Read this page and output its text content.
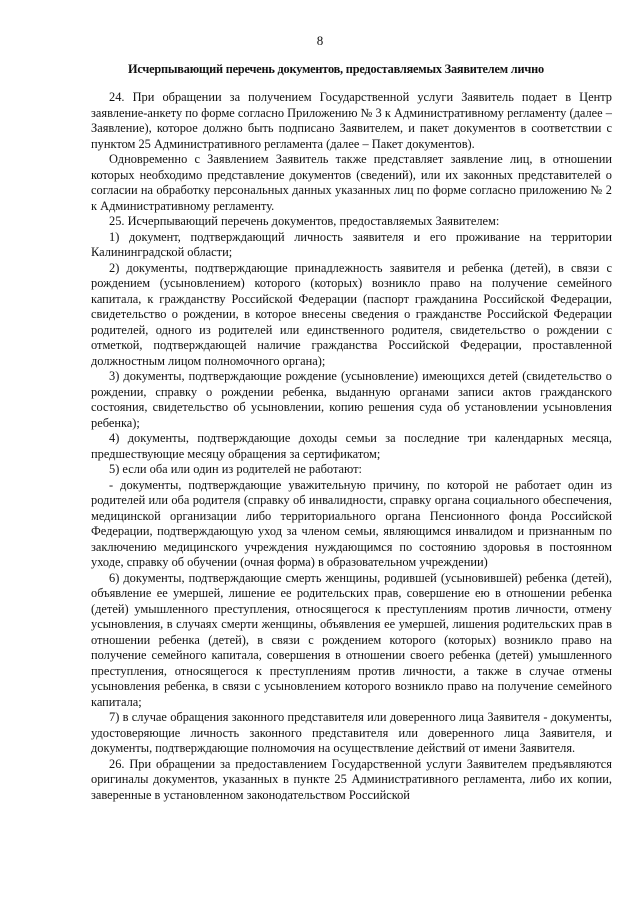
8
Исчерпывающий перечень документов, предоставляемых Заявителем лично

24. При обращении за получением Государственной услуги Заявитель подает в Центр заявление-анкету по форме согласно Приложению № 3 к Административному регламенту (далее – Заявление), которое должно быть подписано Заявителем, и пакет документов в соответствии с пунктом 25 Административного регламента (далее – Пакет документов).

Одновременно с Заявлением Заявитель также представляет заявление лиц, в отношении которых необходимо представление документов (сведений), или их законных представителей о согласии на обработку персональных данных указанных лиц по форме согласно приложению № 2 к Административному регламенту.

25. Исчерпывающий перечень документов, предоставляемых Заявителем:

1) документ, подтверждающий личность заявителя и его проживание на территории Калининградской области;

2) документы, подтверждающие принадлежность заявителя и ребенка (детей), в связи с рождением (усыновлением) которого (которых) возникло право на получение семейного капитала, к гражданству Российской Федерации (паспорт гражданина Российской Федерации, свидетельство о рождении, в которое внесены сведения о гражданстве Российской Федерации родителей, одного из родителей или единственного родителя, свидетельство о рождении с отметкой, подтверждающей наличие гражданства Российской Федерации, проставленной должностным лицом полномочного органа);

3) документы, подтверждающие рождение (усыновление) имеющихся детей (свидетельство о рождении, справку о рождении ребенка, выданную органами записи актов гражданского состояния, свидетельство об усыновлении, копию решения суда об установлении усыновления ребенка);

4) документы, подтверждающие доходы семьи за последние три календарных месяца, предшествующие месяцу обращения за сертификатом;

5) если оба или один из родителей не работают:

- документы, подтверждающие уважительную причину, по которой не работает один из родителей или оба родителя (справку об инвалидности, справку органа социального обеспечения, медицинской организации либо территориального органа Пенсионного фонда Российской Федерации, подтверждающую уход за членом семьи, являющимся инвалидом и признанным по заключению медицинского учреждения нуждающимся по состоянию здоровья в постоянном уходе, справку об обучении (очная форма) в образовательном учреждении)

6) документы, подтверждающие смерть женщины, родившей (усыновившей) ребенка (детей), объявление ее умершей, лишение ее родительских прав, совершение ею в отношении ребенка (детей) умышленного преступления, относящегося к преступлениям против личности, отмену усыновления, в случаях смерти женщины, объявления ее умершей, лишения родительских прав в отношении ребенка (детей), в связи с рождением которого (которых) возникло право на получение семейного капитала, совершения в отношении своего ребенка (детей) умышленного преступления, относящегося к преступлениям против личности, а также в случае отмены усыновления ребенка, в связи с усыновлением которого возникло право на получение семейного капитала;

7) в случае обращения законного представителя или доверенного лица Заявителя - документы, удостоверяющие личность законного представителя или доверенного лица Заявителя, и документы, подтверждающие полномочия на осуществление действий от имени Заявителя.

26. При обращении за предоставлением Государственной услуги Заявителем предъявляются оригиналы документов, указанных в пункте 25 Административного регламента, либо их копии, заверенные в установленном законодательством Российской
